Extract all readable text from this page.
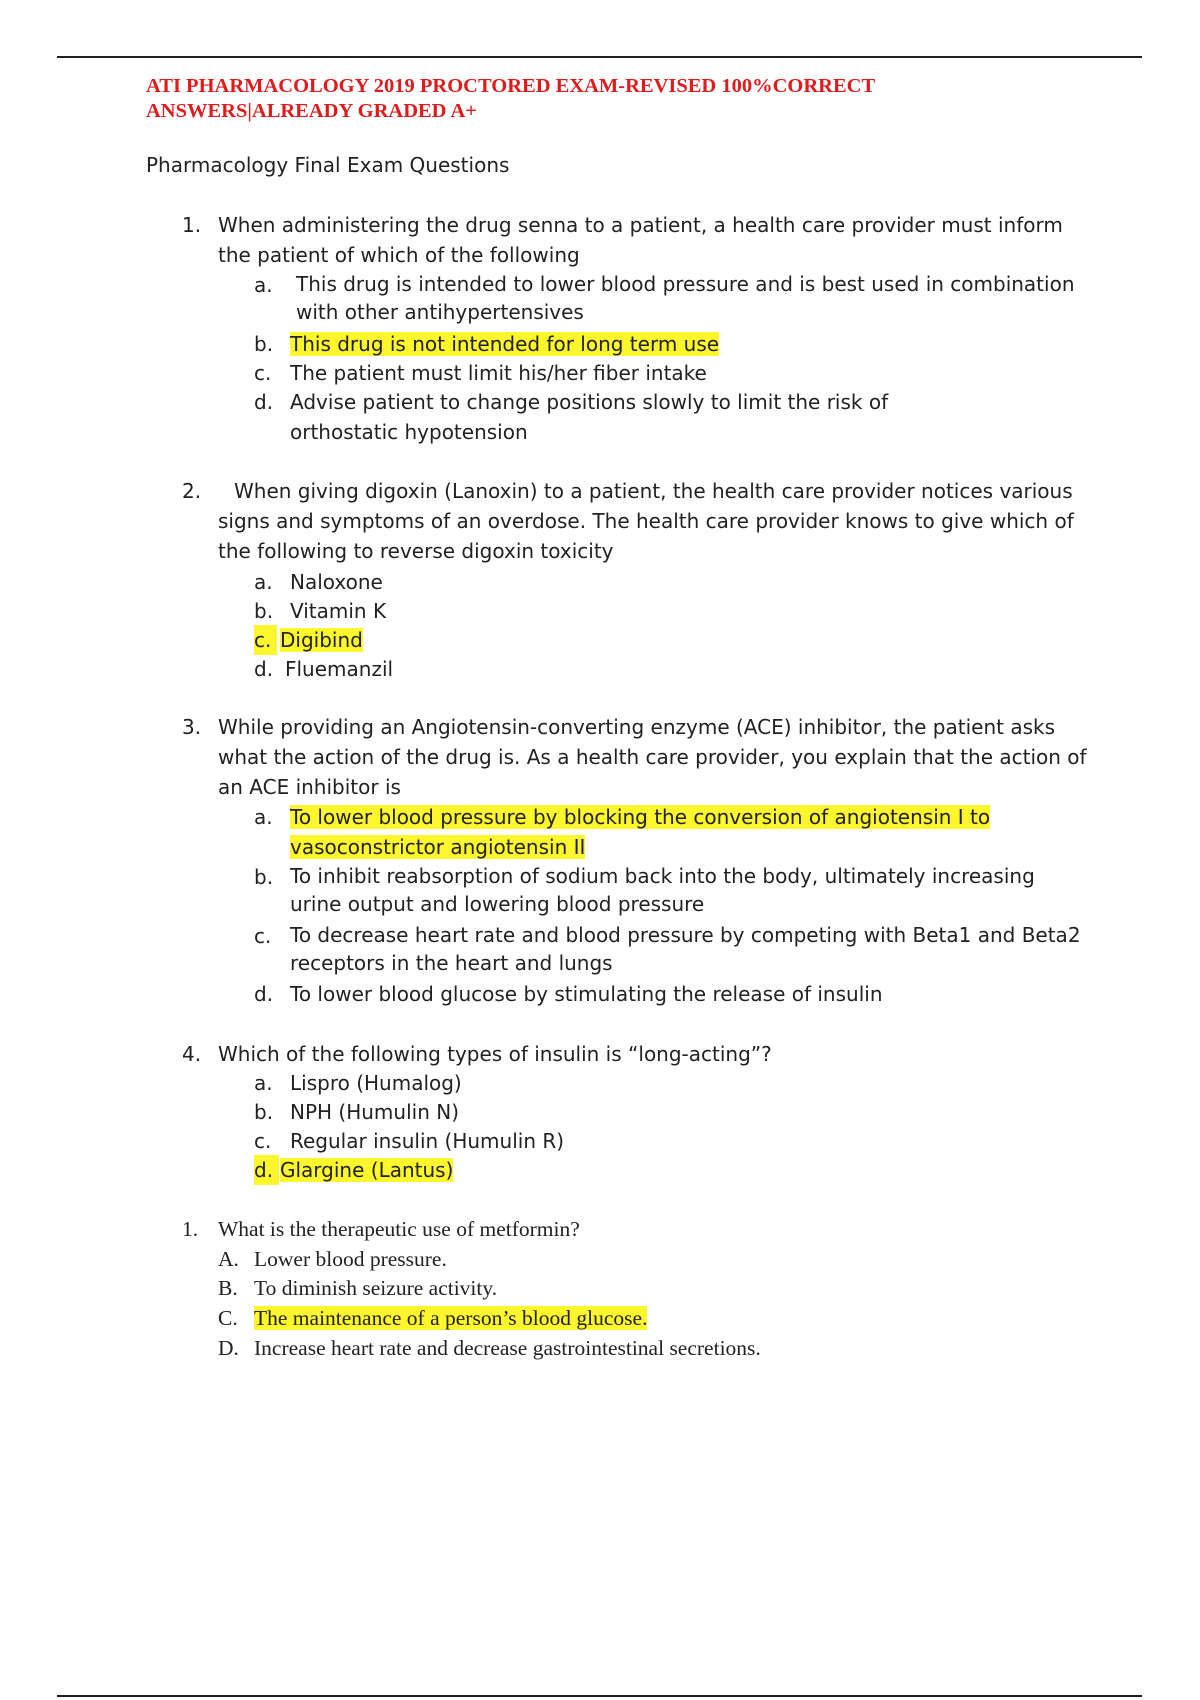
ATI PHARMACOLOGY 2019 PROCTORED EXAM-REVISED 100%CORRECT
ANSWERS|ALREADY GRADED A+
Pharmacology Final Exam Questions
1. When administering the drug senna to a patient, a health care provider must inform the patient of which of the following
a. This drug is intended to lower blood pressure and is best used in combination with other antihypertensives
b. This drug is not intended for long term use
c. The patient must limit his/her fiber intake
d. Advise patient to change positions slowly to limit the risk of orthostatic hypotension
2.	When giving digoxin (Lanoxin) to a patient, the health care provider notices various signs and symptoms of an overdose. The health care provider knows to give which of the following to reverse digoxin toxicity
a. Naloxone
b. Vitamin K
c. Digibind
d. Fluemanzil
3. While providing an Angiotensin-converting enzyme (ACE) inhibitor, the patient asks what the action of the drug is. As a health care provider, you explain that the action of an ACE inhibitor is
a. To lower blood pressure by blocking the conversion of angiotensin I to vasoconstrictor angiotensin II
b. To inhibit reabsorption of sodium back into the body, ultimately increasing urine output and lowering blood pressure
c. To decrease heart rate and blood pressure by competing with Beta1 and Beta2 receptors in the heart and lungs
d. To lower blood glucose by stimulating the release of insulin
4. Which of the following types of insulin is “long-acting”?
a. Lispro (Humalog)
b. NPH (Humulin N)
c. Regular insulin (Humulin R)
d. Glargine (Lantus)
1. What is the therapeutic use of metformin?
A. Lower blood pressure.
B. To diminish seizure activity.
C. The maintenance of a person’s blood glucose.
D. Increase heart rate and decrease gastrointestinal secretions.
